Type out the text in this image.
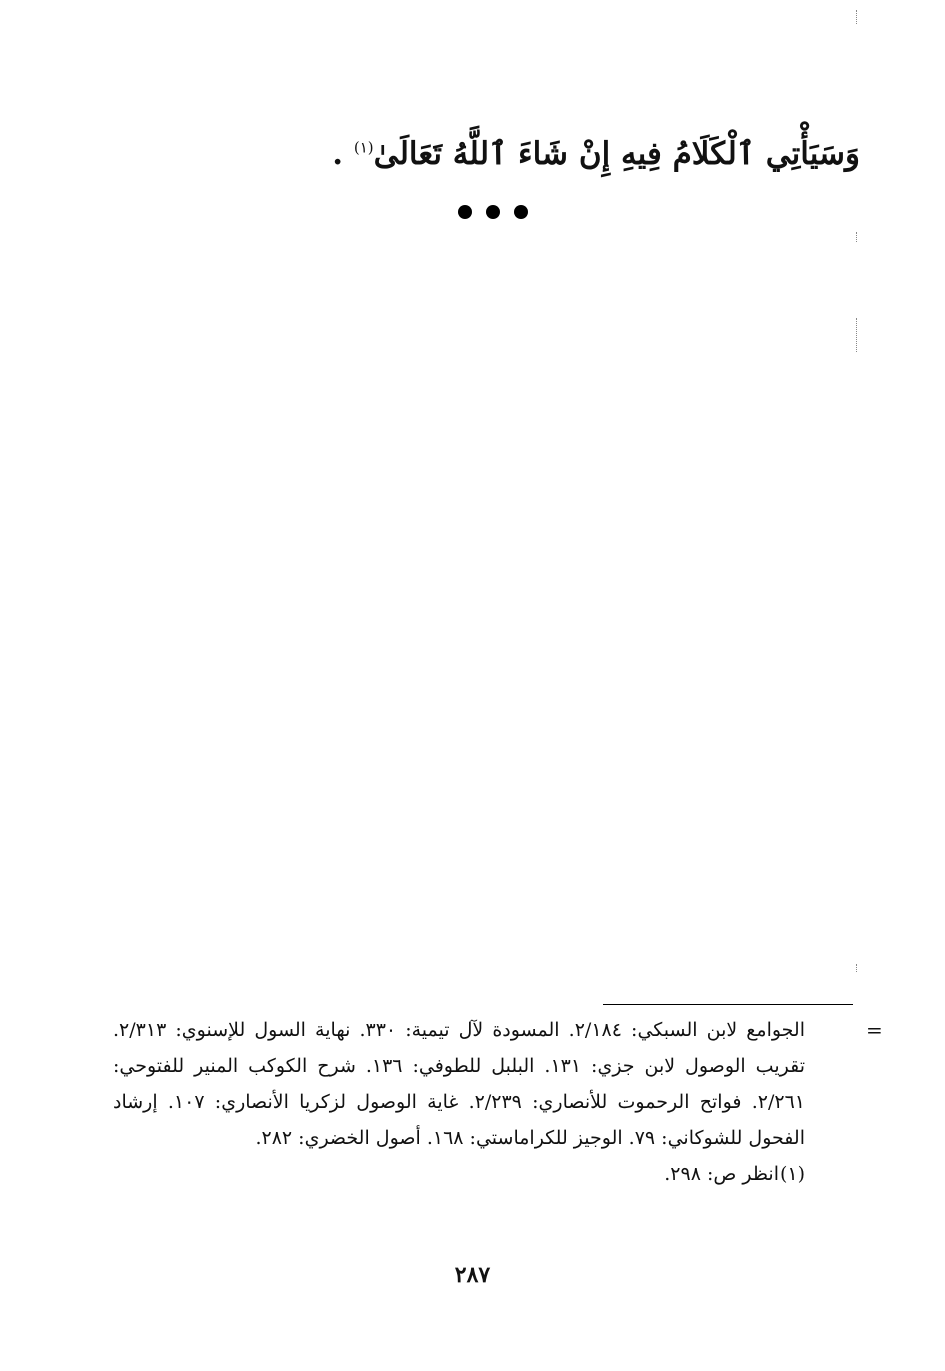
وَسَيَأْتِي ٱلْكَلَامُ فِيهِ إِنْ شَاءَ ٱللَّهُ تَعَالَىٰ$^{(١)}$ .

=

الجوامع لابن السبكي: ٢/١٨٤. المسودة لآل تيمية: ٣٣٠. نهاية السول للإسنوي: ٢/٣١٣. تقريب الوصول لابن جزي: ١٣١. البلبل للطوفي: ١٣٦. شرح الكوكب المنير للفتوحي: ٢/٢٦١. فواتح الرحموت للأنصاري: ٢/٢٣٩. غاية الوصول لزكريا الأنصاري: ١٠٧. إرشاد الفحول للشوكاني: ٧٩. الوجيز للكراماستي: ١٦٨. أصول الخضري: ٢٨٢.

(١)
انظر ص: ٢٩٨.

٢٨٧
